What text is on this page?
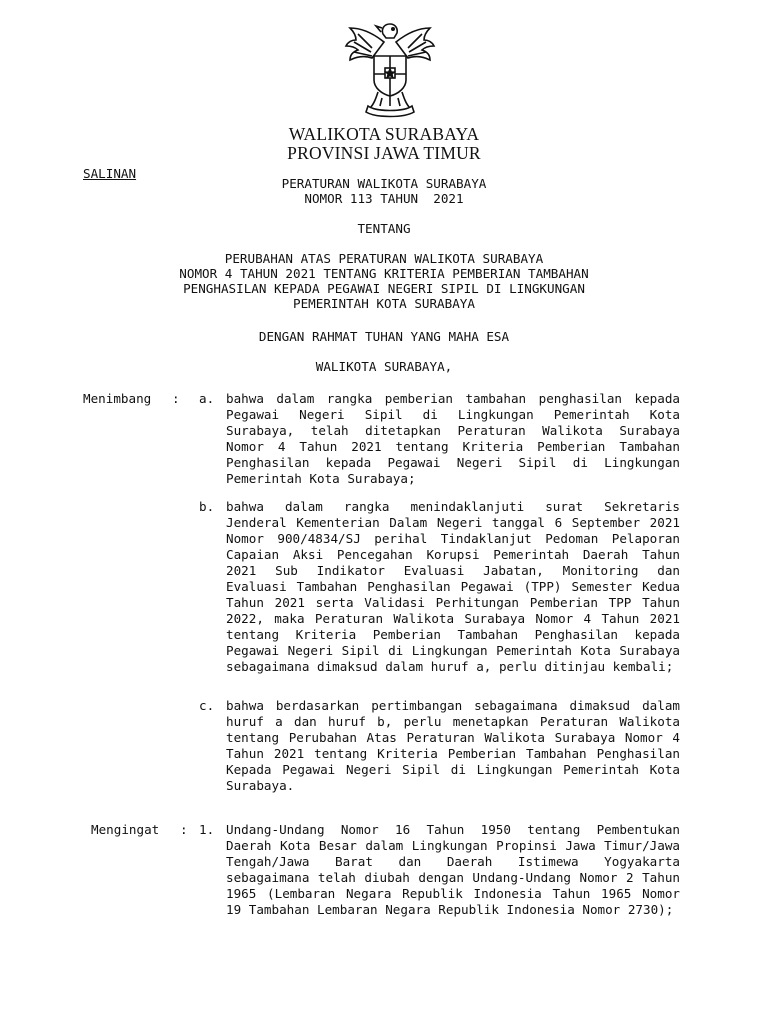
WALIKOTA SURABAYA
PROVINSI JAWA TIMUR
SALINAN
PERATURAN WALIKOTA SURABAYA
NOMOR 113 TAHUN  2021
TENTANG
PERUBAHAN ATAS PERATURAN WALIKOTA SURABAYA
NOMOR 4 TAHUN 2021 TENTANG KRITERIA PEMBERIAN TAMBAHAN
PENGHASILAN KEPADA PEGAWAI NEGERI SIPIL DI LINGKUNGAN
PEMERINTAH KOTA SURABAYA
DENGAN RAHMAT TUHAN YANG MAHA ESA
WALIKOTA SURABAYA,
Menimbang : a. bahwa dalam rangka pemberian tambahan penghasilan kepada Pegawai Negeri Sipil di Lingkungan Pemerintah Kota Surabaya, telah ditetapkan Peraturan Walikota Surabaya Nomor 4 Tahun 2021 tentang Kriteria Pemberian Tambahan Penghasilan kepada Pegawai Negeri Sipil di Lingkungan Pemerintah Kota Surabaya;
b. bahwa dalam rangka menindaklanjuti surat Sekretaris Jenderal Kementerian Dalam Negeri tanggal 6 September 2021 Nomor 900/4834/SJ perihal Tindaklanjut Pedoman Pelaporan Capaian Aksi Pencegahan Korupsi Pemerintah Daerah Tahun 2021 Sub Indikator Evaluasi Jabatan, Monitoring dan Evaluasi Tambahan Penghasilan Pegawai (TPP) Semester Kedua Tahun 2021 serta Validasi Perhitungan Pemberian TPP Tahun 2022, maka Peraturan Walikota Surabaya Nomor 4 Tahun 2021 tentang Kriteria Pemberian Tambahan Penghasilan kepada Pegawai Negeri Sipil di Lingkungan Pemerintah Kota Surabaya sebagaimana dimaksud dalam huruf a, perlu ditinjau kembali;
c. bahwa berdasarkan pertimbangan sebagaimana dimaksud dalam huruf a dan huruf b, perlu menetapkan Peraturan Walikota tentang Perubahan Atas Peraturan Walikota Surabaya Nomor 4 Tahun 2021 tentang Kriteria Pemberian Tambahan Penghasilan Kepada Pegawai Negeri Sipil di Lingkungan Pemerintah Kota Surabaya.
Mengingat : 1. Undang-Undang Nomor 16 Tahun 1950 tentang Pembentukan Daerah Kota Besar dalam Lingkungan Propinsi Jawa Timur/Jawa Tengah/Jawa Barat dan Daerah Istimewa Yogyakarta sebagaimana telah diubah dengan Undang-Undang Nomor 2 Tahun 1965 (Lembaran Negara Republik Indonesia Tahun 1965 Nomor 19 Tambahan Lembaran Negara Republik Indonesia Nomor 2730);
